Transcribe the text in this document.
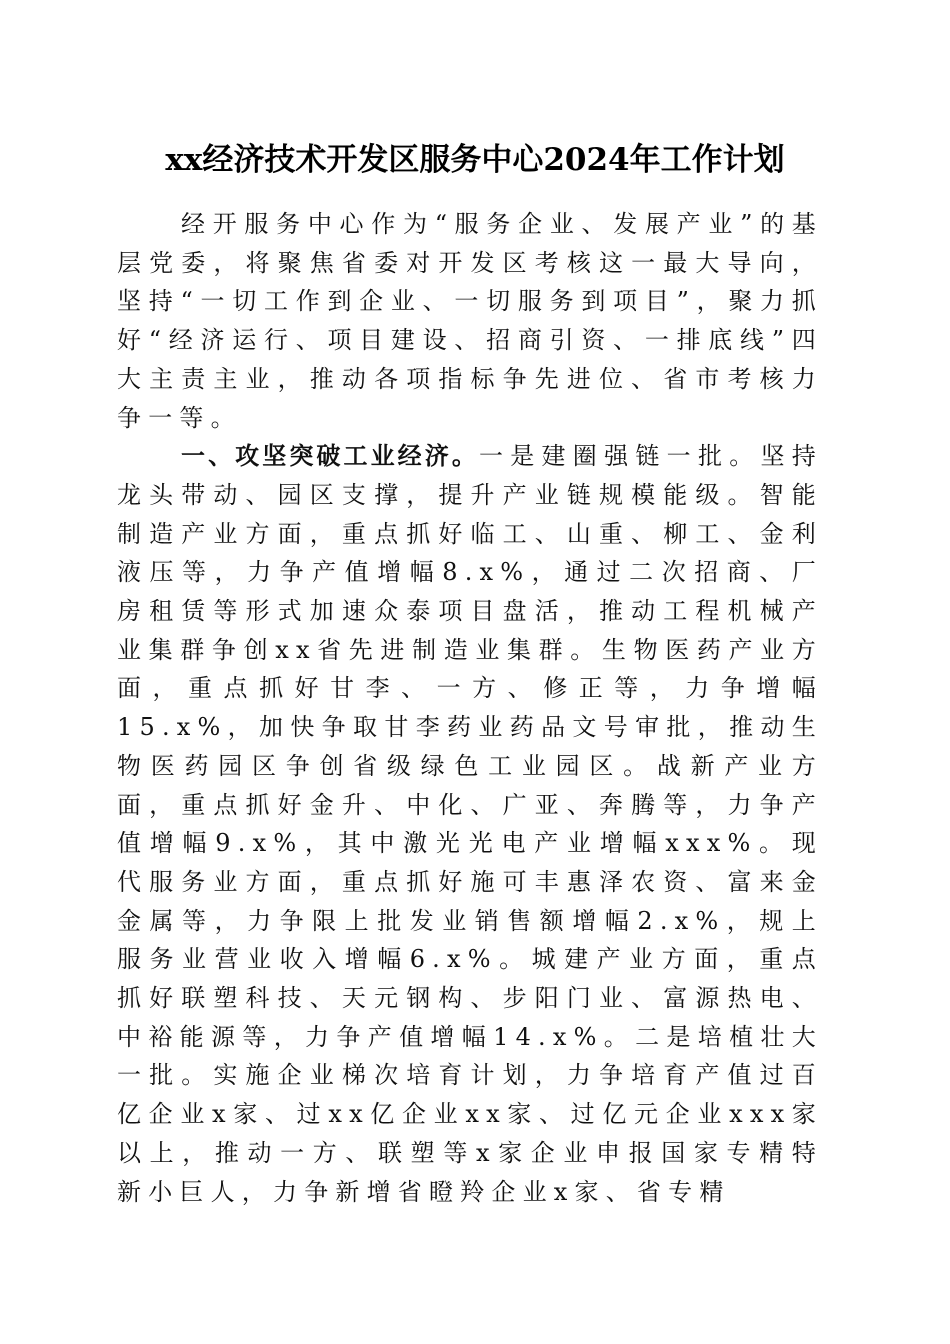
xx经济技术开发区服务中心2024年工作计划

经开服务中心作为“服务企业、发展产业”的基层党委，将聚焦省委对开发区考核这一最大导向，坚持“一切工作到企业、一切服务到项目”，聚力抓好“经济运行、项目建设、招商引资、一排底线”四大主责主业，推动各项指标争先进位、省市考核力争一等。

一、攻坚突破工业经济。一是建圈强链一批。坚持龙头带动、园区支撑，提升产业链规模能级。智能制造产业方面，重点抓好临工、山重、柳工、金利液压等，力争产值增幅8.x%，通过二次招商、厂房租赁等形式加速众泰项目盘活，推动工程机械产业集群争创xx省先进制造业集群。生物医药产业方面，重点抓好甘李、一方、修正等，力争增幅15.x%，加快争取甘李药业药品文号审批，推动生物医药园区争创省级绿色工业园区。战新产业方面，重点抓好金升、中化、广亚、奔腾等，力争产值增幅9.x%，其中激光光电产业增幅xxx%。现代服务业方面，重点抓好施可丰惠泽农资、富来金金属等，力争限上批发业销售额增幅2.x%，规上服务业营业收入增幅6.x%。城建产业方面，重点抓好联塑科技、天元钢构、步阳门业、富源热电、中裕能源等，力争产值增幅14.x%。二是培植壮大一批。实施企业梯次培育计划，力争培育产值过百亿企业x家、过xx亿企业xx家、过亿元企业xxx家以上，推动一方、联塑等x家企业申报国家专精特新小巨人，力争新增省瞪羚企业x家、省专精
